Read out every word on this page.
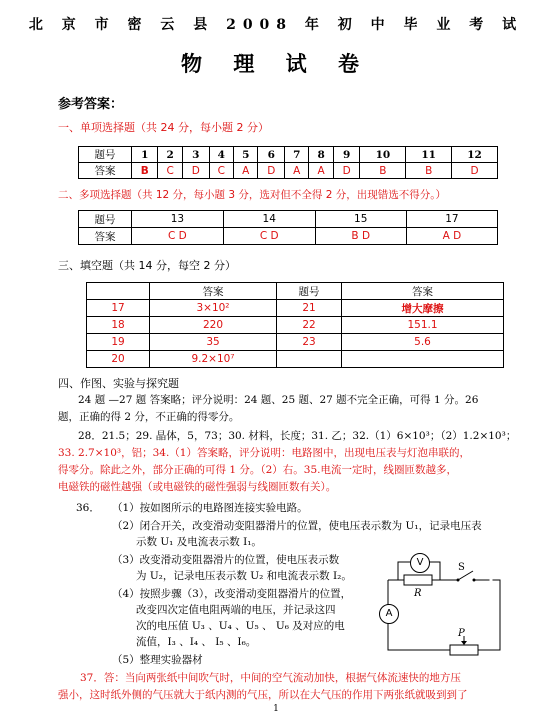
北 京 市 密 云 县 2008 年 初 中 毕 业 考 试
物 理 试 卷
参考答案：
一、单项选择题（共 24 分，每小题 2 分）
题号	1	2	3	4	5	6	7	8	9	10	11	12
答案	B	C	D	C	A	D	A	A	D	B	B	D
二、多项选择题（共 12 分，每小题 3 分，选对但不全得 2 分，出现错选不得分。）
题号	13	14	15	17
答案	C D	C D	B D	A D
三、填空题（共 14 分，每空 2 分）
	答案	题号	答案
17	3×10²	21	增大摩擦
18	220	22	151.1
19	35	23	5.6
20	9.2×10⁷		
四、作图、实验与探究题
24 题 —27 题 答案略；评分说明：24 题、25 题、27 题不完全正确，可得 1 分。26
题，正确的得 2 分，不正确的得零分。
28．21.5；29. 晶体，5，73；30. 材料，长度；31. 乙；32.（1）6×10³；（2）1.2×10³；
33. 2.7×10³，铝；34.（1）答案略，评分说明：电路图中，出现电压表与灯泡串联的，
得零分。除此之外，部分正确的可得 1 分。（2）右。35.电流一定时，线圈匝数越多，
电磁铁的磁性越强（或电磁铁的磁性强弱与线圈匝数有关）。
36． （1）按如图所示的电路图连接实验电路。
（2）闭合开关，改变滑动变阻器滑片的位置，使电压表示数为 U₁，记录电压表
示数 U₁ 及电流表示数 I₁。
（3）改变滑动变阻器滑片的位置，使电压表示数
为 U₂，记录电压表示数 U₂ 和电流表示数 I₂。
（4）按照步骤（3），改变滑动变阻器滑片的位置，
改变四次定值电阻两端的电压，并记录这四
次的电压值 U₃ 、U₄ 、U₅ 、 U₆ 及对应的电
流值，I₃ 、I₄ 、 I₅ 、I₆。
（5）整理实验器材
V
A
R
S
P
37．答：当向两张纸中间吹气时，中间的空气流动加快，根据气体流速快的地方压
强小，这时纸外侧的气压就大于纸内测的气压，所以在大气压的作用下两张纸就吸到到了
1
